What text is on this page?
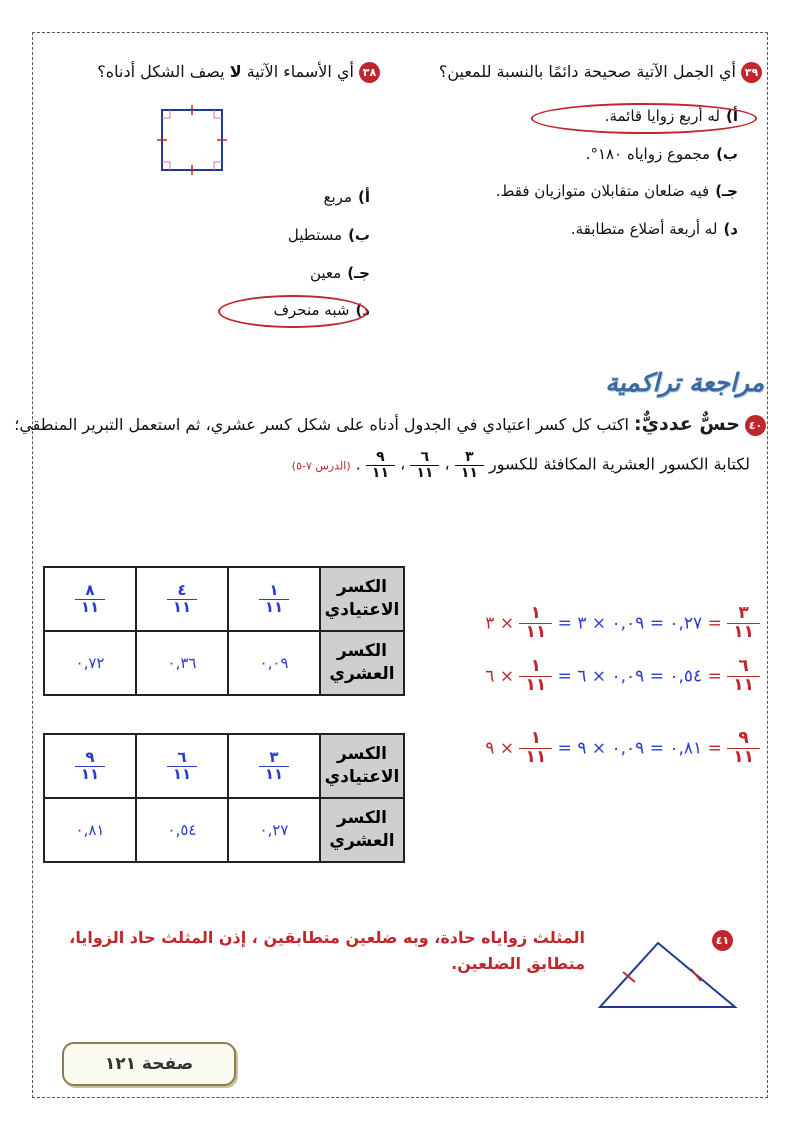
٣٩ أي الجمل الآتية صحيحة دائمًا بالنسبة للمعين؟
أ)له أربع زوايا قائمة.
ب)مجموع زواياه ١٨٠°.
جـ)فيه ضلعان متقابلان متوازيان فقط.
د)له أربعة أضلاع متطابقة.
٣٨ أي الأسماء الآتية لا يصف الشكل أدناه؟
أ)مربع
ب)مستطيل
جـ)معين
د)شبه منحرف
مراجعة تراكمية
٤٠ حسٌّ عدديٌّ: اكتب كل كسر اعتيادي في الجدول أدناه على شكل كسر عشري، ثم استعمل التبرير المنطقي؛
لكتابة الكسور العشرية المكافئة للكسور
$\frac{٣}{١١}$
،
$\frac{٦}{١١}$
،
$\frac{٩}{١١}$
. (الدرس ٧-٥)
الكسر الاعتيادي	$\frac{١}{١١}$	$\frac{٤}{١١}$	$\frac{٨}{١١}$

الكسر العشري	٠,٠٩	٠,٣٦	٠,٧٢
الكسر الاعتيادي	$\frac{٣}{١١}$	$\frac{٦}{١١}$	$\frac{٩}{١١}$

الكسر العشري	٠,٢٧	٠,٥٤	٠,٨١
٠,٢٧ = ٠,٠٩ × ٣ =
$\frac{١}{١١}$
× ٣ = $\frac{٣}{١١}$
٠,٥٤ = ٠,٠٩ × ٦ =
$\frac{١}{١١}$
× ٦ = $\frac{٦}{١١}$
٠,٨١ = ٠,٠٩ × ٩ =
$\frac{١}{١١}$
× ٩ = $\frac{٩}{١١}$
٤١
المثلث زواياه حادة، وبه ضلعين متطابقين ، إذن المثلث حاد الزوايا،
متطابق الضلعين.
صفحة ١٢١
